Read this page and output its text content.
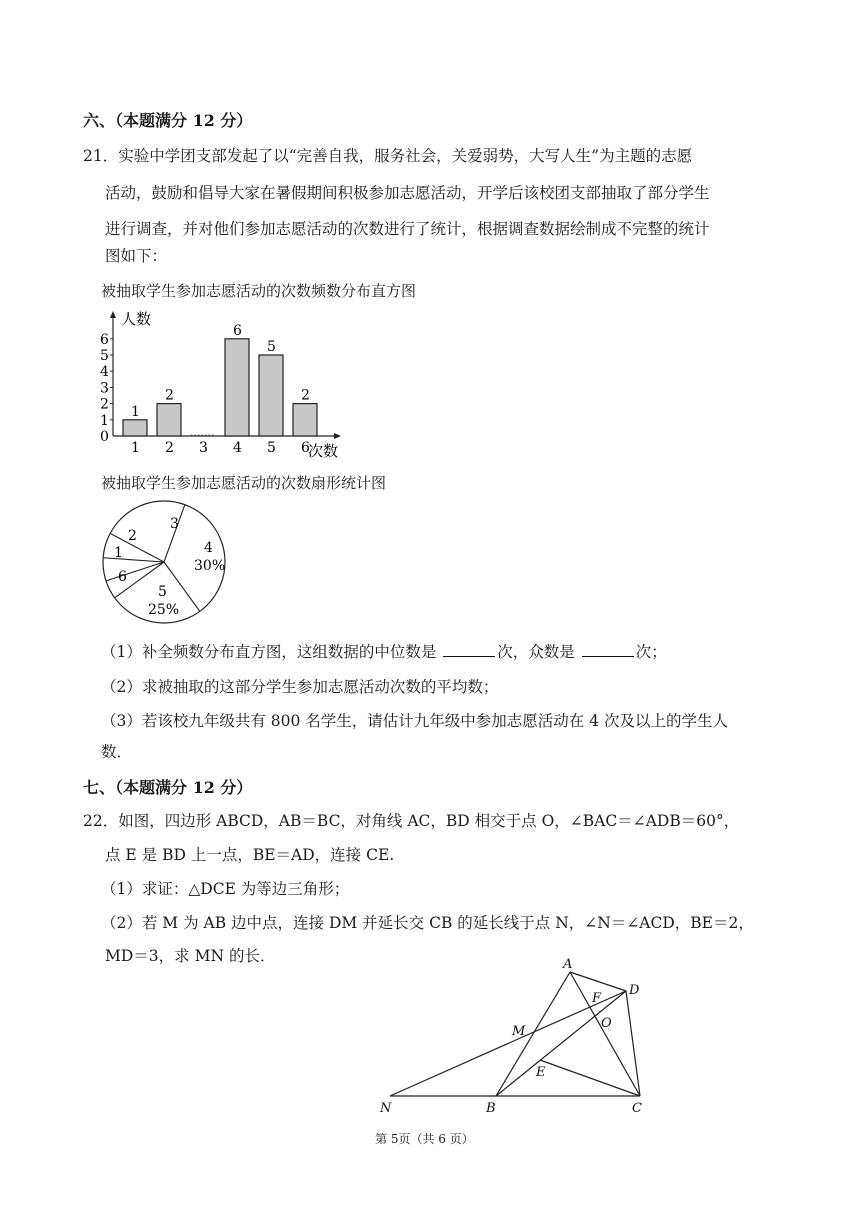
六、（本题满分 12 分）
21．实验中学团支部发起了以“完善自我，服务社会，关爱弱势，大写人生”为主题的志愿
活动，鼓励和倡导大家在暑假期间积极参加志愿活动，开学后该校团支部抽取了部分学生
进行调查，并对他们参加志愿活动的次数进行了统计，根据调查数据绘制成不完整的统计
图如下：
被抽取学生参加志愿活动的次数频数分布直方图
0
1
2
3
4
5
6
人数
次数
1
1
2
2 3
6
4
5
5
2
6
被抽取学生参加志愿活动的次数扇形统计图
1
2
3
4
30%
5
25%
6
（1）补全频数分布直方图，这组数据的中位数是	次，众数是	次；
（2）求被抽取的这部分学生参加志愿活动次数的平均数；
（3）若该校九年级共有 800 名学生，请估计九年级中参加志愿活动在 4 次及以上的学生人
数．
七、（本题满分 12 分）
22．如图，四边形 ABCD，AB＝BC，对角线 AC，BD 相交于点 O，∠BAC＝∠ADB＝60°，
点 E 是 BD 上一点，BE＝AD，连接 CE.
（1）求证：△DCE 为等边三角形；
（2）若 M 为 AB 边中点，连接 DM 并延长交 CB 的延长线于点 N，∠N＝∠ACD，BE＝2，
MD＝3，求 MN 的长．	A
D
F
O
M
E
N	B	C
第 5页（共 6 页）
